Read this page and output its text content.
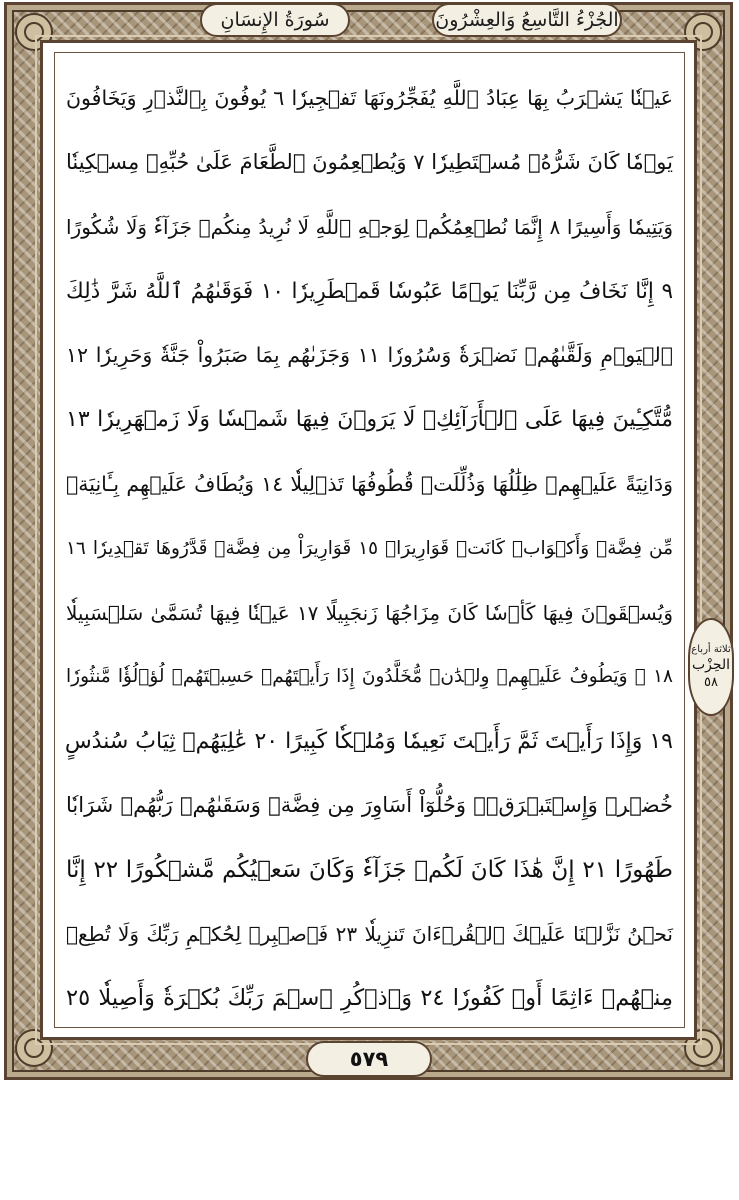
الجُزْءُ التَّاسِعُ وَالعِشْرُونَ
سُورَةُ الإِنسَانِ
عَيۡنٗا يَشۡرَبُ بِهَا عِبَادُ ٱللَّهِ يُفَجِّرُونَهَا تَفۡجِيرٗا ٦ يُوفُونَ بِٱلنَّذۡرِ وَيَخَافُونَ
يَوۡمٗا كَانَ شَرُّهُۥ مُسۡتَطِيرٗا ٧ وَيُطۡعِمُونَ ٱلطَّعَامَ عَلَىٰ حُبِّهِۦ مِسۡكِينٗا
وَيَتِيمٗا وَأَسِيرًا ٨ إِنَّمَا نُطۡعِمُكُمۡ لِوَجۡهِ ٱللَّهِ لَا نُرِيدُ مِنكُمۡ جَزَآءٗ وَلَا شُكُورًا
٩ إِنَّا نَخَافُ مِن رَّبِّنَا يَوۡمًا عَبُوسٗا قَمۡطَرِيرٗا ١٠ فَوَقَىٰهُمُ ٱللَّهُ شَرَّ ذَٰلِكَ
ٱلۡيَوۡمِ وَلَقَّىٰهُمۡ نَضۡرَةٗ وَسُرُورٗا ١١ وَجَزَىٰهُم بِمَا صَبَرُواْ جَنَّةٗ وَحَرِيرٗا ١٢
مُّتَّكِـِٔينَ فِيهَا عَلَى ٱلۡأَرَآئِكِۖ لَا يَرَوۡنَ فِيهَا شَمۡسٗا وَلَا زَمۡهَرِيرٗا ١٣
وَدَانِيَةً عَلَيۡهِمۡ ظِلَٰلُهَا وَذُلِّلَتۡ قُطُوفُهَا تَذۡلِيلٗا ١٤ وَيُطَافُ عَلَيۡهِم بِـَٔانِيَةٖ
مِّن فِضَّةٖ وَأَكۡوَابٖ كَانَتۡ قَوَارِيرَا۠ ١٥ قَوَارِيرَاْ مِن فِضَّةٖ قَدَّرُوهَا تَقۡدِيرٗا ١٦
وَيُسۡقَوۡنَ فِيهَا كَأۡسٗا كَانَ مِزَاجُهَا زَنجَبِيلًا ١٧ عَيۡنٗا فِيهَا تُسَمَّىٰ سَلۡسَبِيلٗا
١٨ ۞ وَيَطُوفُ عَلَيۡهِمۡ وِلۡدَٰنٞ مُّخَلَّدُونَ إِذَا رَأَيۡتَهُمۡ حَسِبۡتَهُمۡ لُؤۡلُؤٗا مَّنثُورٗا
١٩ وَإِذَا رَأَيۡتَ ثَمَّ رَأَيۡتَ نَعِيمٗا وَمُلۡكٗا كَبِيرًا ٢٠ عَٰلِيَهُمۡ ثِيَابُ سُندُسٍ
خُضۡرٞ وَإِسۡتَبۡرَقٞۖ وَحُلُّوٓاْ أَسَاوِرَ مِن فِضَّةٖ وَسَقَىٰهُمۡ رَبُّهُمۡ شَرَابٗا
طَهُورًا ٢١ إِنَّ هَٰذَا كَانَ لَكُمۡ جَزَآءٗ وَكَانَ سَعۡيُكُم مَّشۡكُورًا ٢٢ إِنَّا
نَحۡنُ نَزَّلۡنَا عَلَيۡكَ ٱلۡقُرۡءَانَ تَنزِيلٗا ٢٣ فَٱصۡبِرۡ لِحُكۡمِ رَبِّكَ وَلَا تُطِعۡ
مِنۡهُمۡ ءَاثِمًا أَوۡ كَفُورٗا ٢٤ وَٱذۡكُرِ ٱسۡمَ رَبِّكَ بُكۡرَةٗ وَأَصِيلٗا ٢٥
ثلاثة أرباع
الحِزْب
٥٨
٥٧٩
